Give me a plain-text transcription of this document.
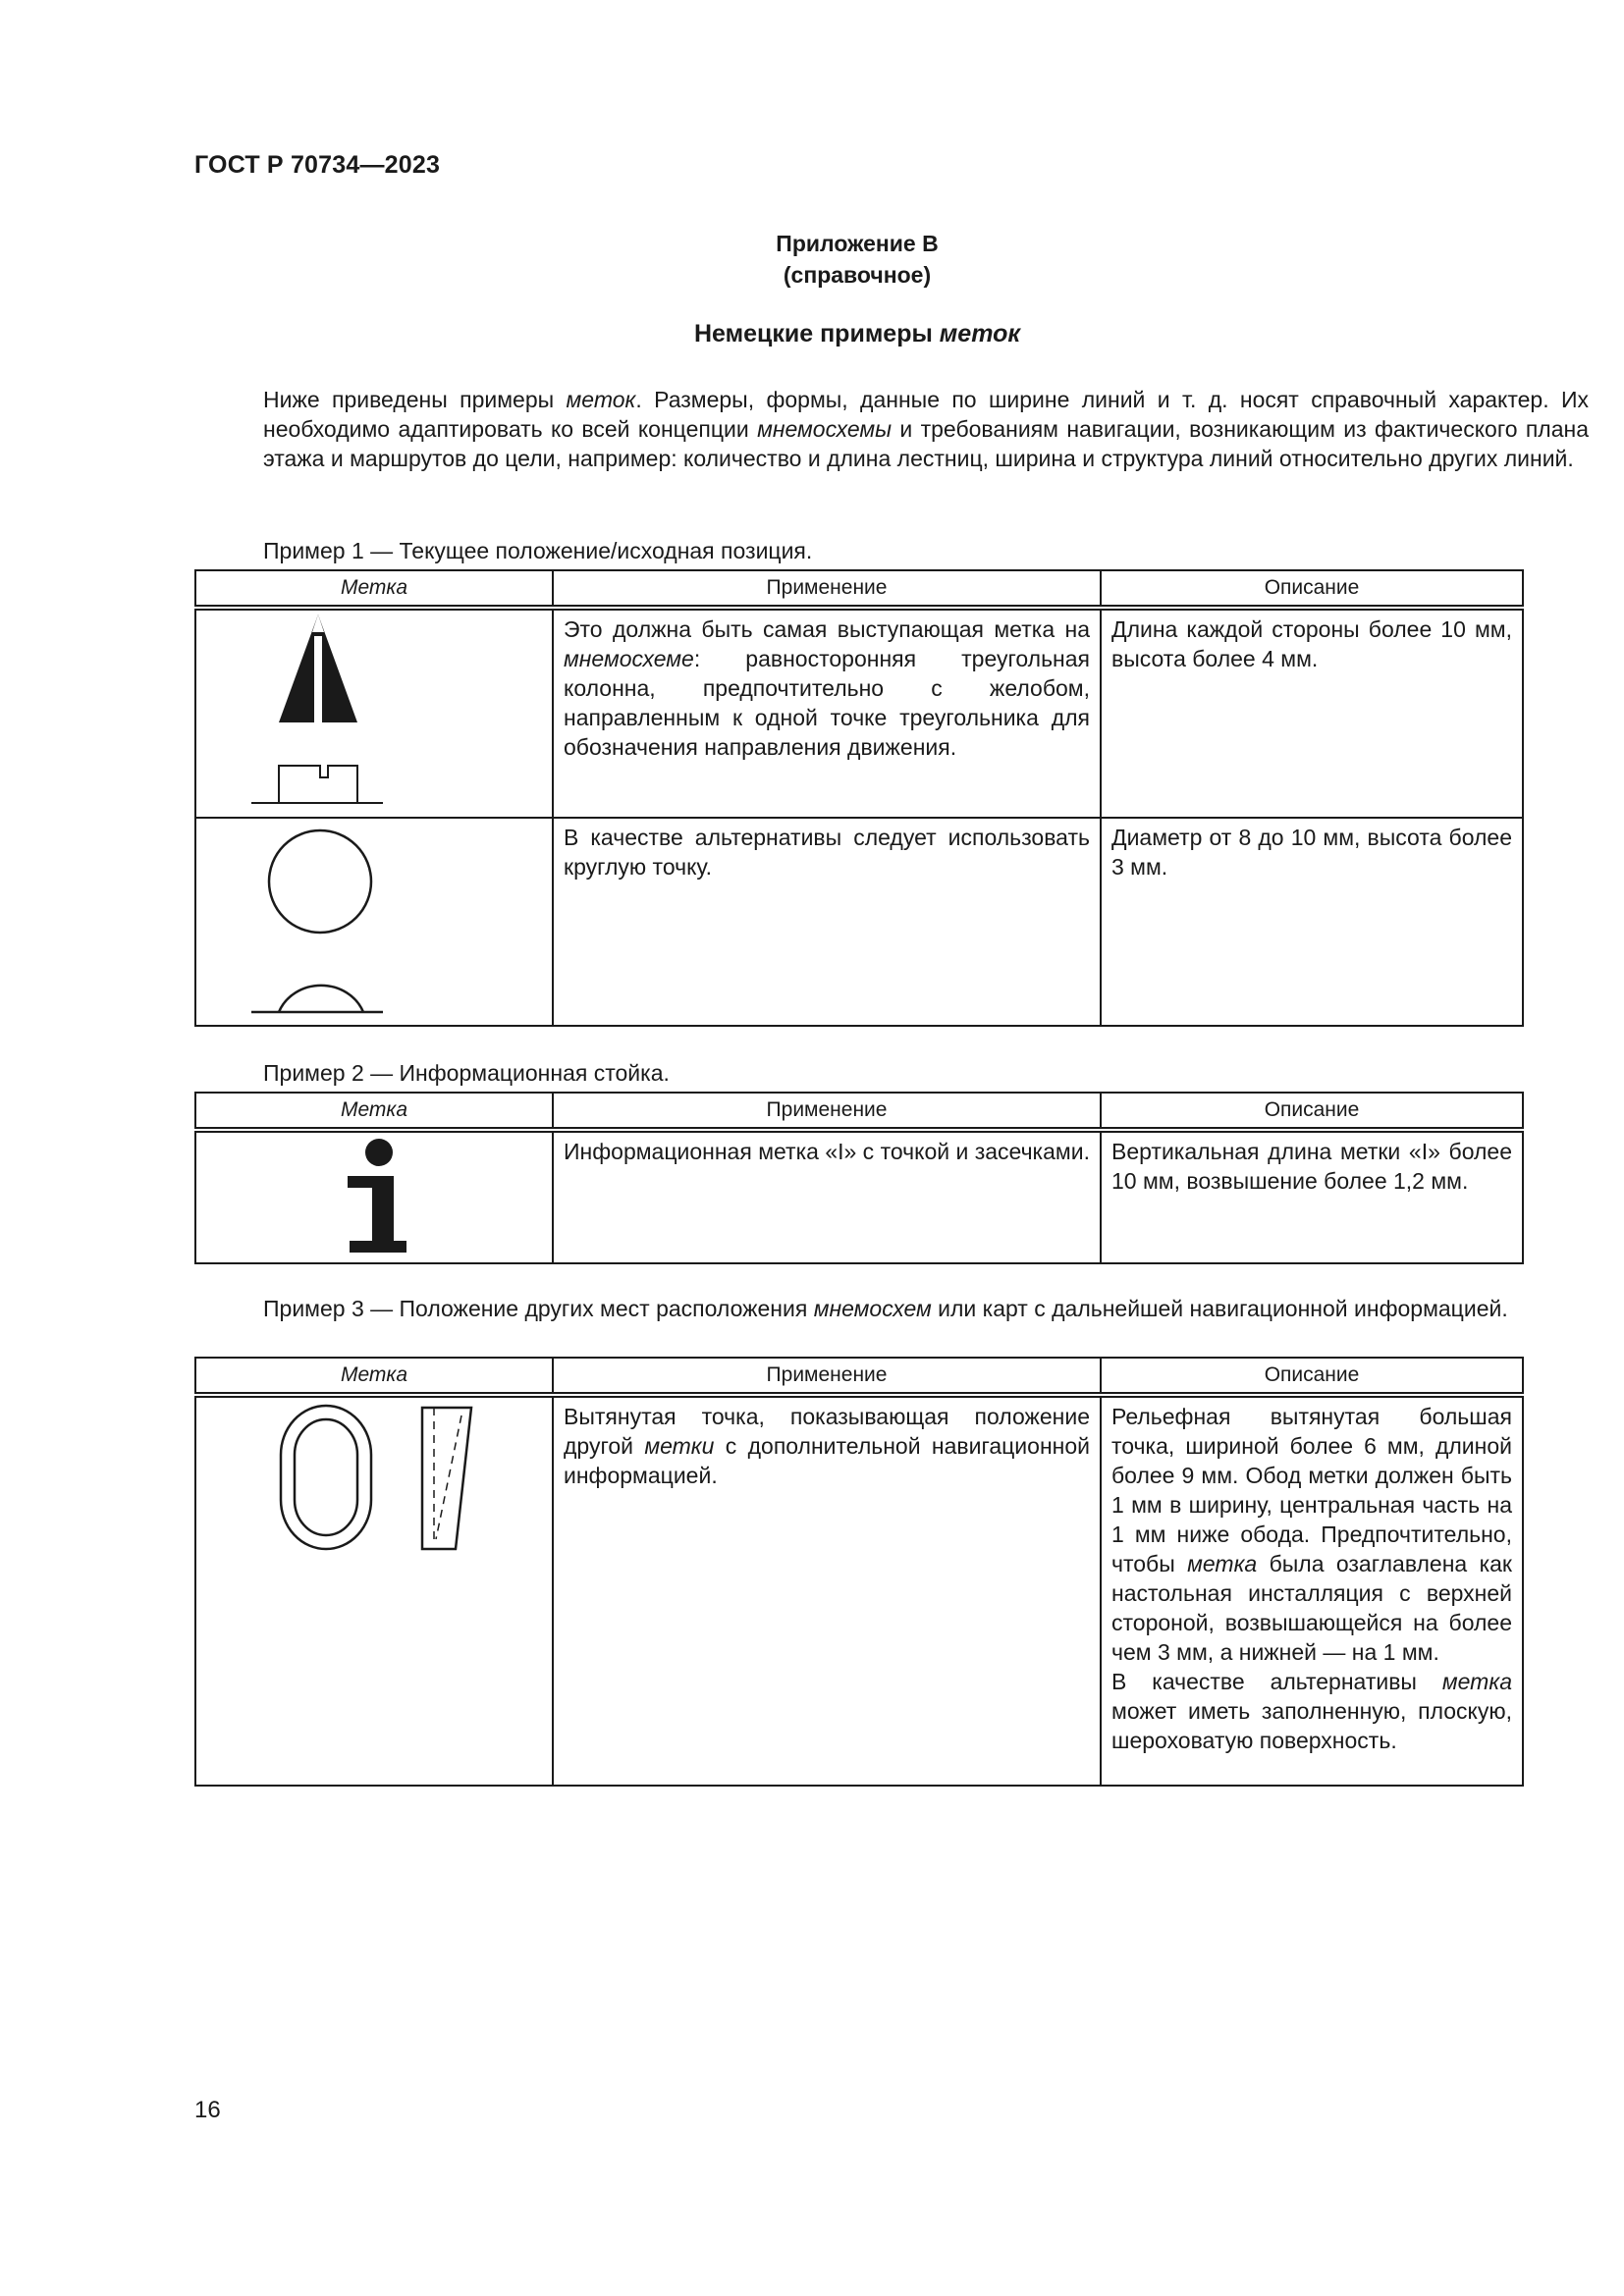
ГОСТ Р 70734—2023
Приложение В
(справочное)
Немецкие примеры меток

Ниже приведены примеры меток. Размеры, формы, данные по ширине линий и т. д. носят справочный характер. Их необходимо адаптировать ко всей концепции мнемосхемы и требованиям навигации, возникающим из фактического плана этажа и маршрутов до цели, например: количество и длина лестниц, ширина и структура линий относительно других линий.

Пример 1 — Текущее положение/исходная позиция.

Метка	Применение	Описание

Это должна быть самая выступающая метка на мнемосхеме: равносторонняя треугольная колонна, предпочтительно с желобом, направленным к одной точке треугольника для обозначения направления движения.	Длина каждой стороны более 10 мм, высота более 4 мм.

В качестве альтернативы следует использовать круглую точку.	Диаметр от 8 до 10 мм, высота более 3 мм.

Пример 2 — Информационная стойка.

Метка	Применение	Описание

Информационная метка «I» с точкой и засечками.	Вертикальная длина метки «I» более 10 мм, возвышение более 1,2 мм.

Пример 3 — Положение других мест расположения мнемосхем или карт с дальнейшей навигационной информацией.

Метка	Применение	Описание

Вытянутая точка, показывающая положение другой метки с дополнительной навигационной информацией.	Рельефная вытянутая большая точка, шириной более 6 мм, длиной более 9 мм. Обод метки должен быть 1 мм в ширину, центральная часть на 1 мм ниже обода. Предпочтительно, чтобы метка была озаглавлена как настольная инсталляция с верхней стороной, возвышающейся на более чем 3 мм, а нижней — на 1 мм.
В качестве альтернативы метка может иметь заполненную, плоскую, шероховатую поверхность.
16
